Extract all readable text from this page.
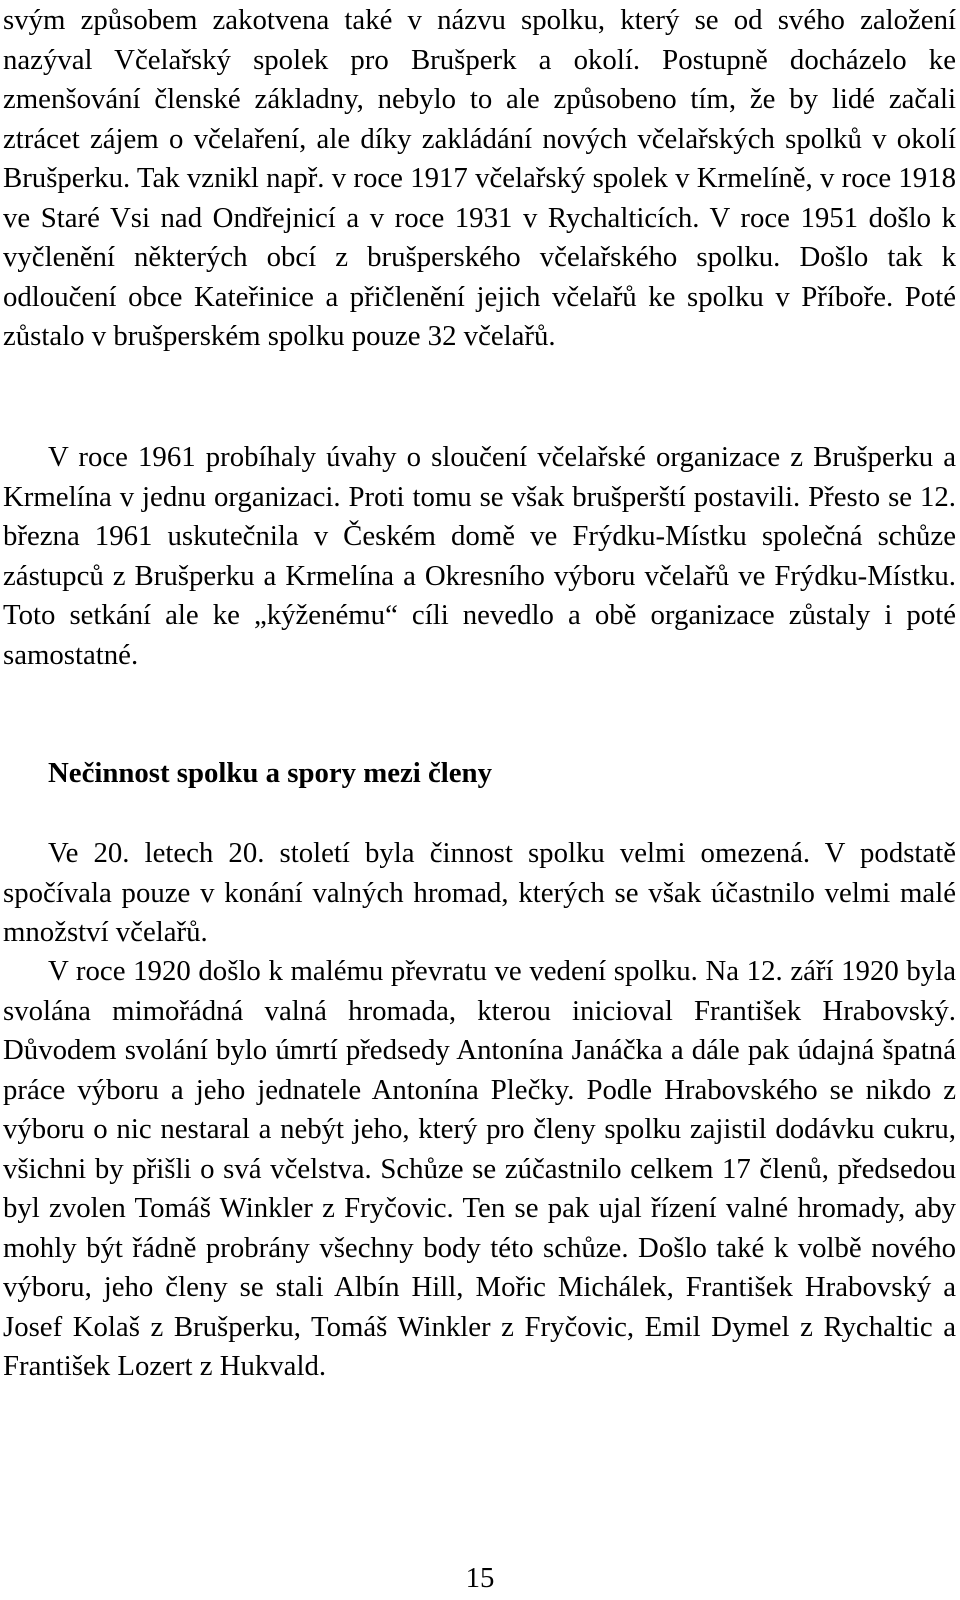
svým způsobem zakotvena také v názvu spolku, který se od svého založení nazýval Včelařský spolek pro Brušperk a okolí. Postupně docházelo ke zmenšování členské základny, nebylo to ale způsobeno tím, že by lidé začali ztrácet zájem o včelaření, ale díky zakládání nových včelařských spolků v okolí Brušperku. Tak vznikl např. v roce 1917 včelařský spolek v Krmelíně, v roce 1918 ve Staré Vsi nad Ondřejnicí a v roce 1931 v Rychalticích. V roce 1951 došlo k vyčlenění některých obcí z brušperského včelařského spolku. Došlo tak k odloučení obce Kateřinice a přičlenění jejich včelařů ke spolku v Příboře. Poté zůstalo v brušperském spolku pouze 32 včelařů.

V roce 1961 probíhaly úvahy o sloučení včelařské organizace z Brušperku a Krmelína v jednu organizaci. Proti tomu se však brušperští postavili. Přesto se 12. března 1961 uskutečnila v Českém domě ve Frýdku-Místku společná schůze zástupců z Brušperku a Krmelína a Okresního výboru včelařů ve Frýdku-Místku. Toto setkání ale ke „kýženému“ cíli nevedlo a obě organizace zůstaly i poté samostatné.

Nečinnost spolku a spory mezi členy

Ve 20. letech 20. století byla činnost spolku velmi omezená. V podstatě spočívala pouze v konání valných hromad, kterých se však účastnilo velmi malé množství včelařů.

V roce 1920 došlo k malému převratu ve vedení spolku. Na 12. září 1920 byla svolána mimořádná valná hromada, kterou inicioval František Hrabovský. Důvodem svolání bylo úmrtí předsedy Antonína Janáčka a dále pak údajná špatná práce výboru a jeho jednatele Antonína Plečky. Podle Hrabovského se nikdo z výboru o nic nestaral a nebýt jeho, který pro členy spolku zajistil dodávku cukru, všichni by přišli o svá včelstva. Schůze se zúčastnilo celkem 17 členů, předsedou byl zvolen Tomáš Winkler z Fryčovic. Ten se pak ujal řízení valné hromady, aby mohly být řádně probrány všechny body této schůze. Došlo také k volbě nového výboru, jeho členy se stali Albín Hill, Mořic Michálek, František Hrabovský a Josef Kolaš z Brušperku, Tomáš Winkler z Fryčovic, Emil Dymel z Rychaltic a František Lozert z Hukvald.

15
